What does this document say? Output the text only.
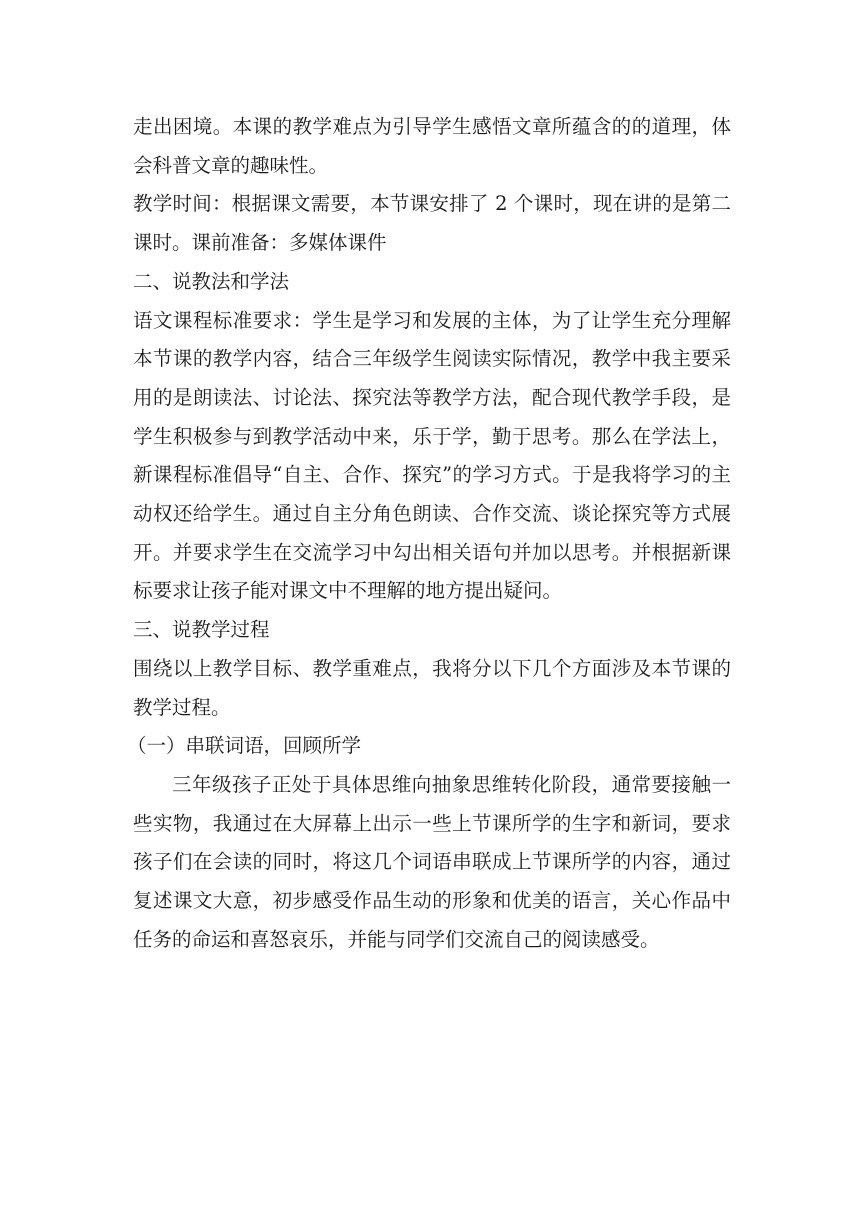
走出困境。本课的教学难点为引导学生感悟文章所蕴含的的道理，体会科普文章的趣味性。

教学时间：根据课文需要，本节课安排了 2 个课时，现在讲的是第二课时。课前准备：多媒体课件

二、说教法和学法

语文课程标准要求：学生是学习和发展的主体，为了让学生充分理解本节课的教学内容，结合三年级学生阅读实际情况，教学中我主要采用的是朗读法、讨论法、探究法等教学方法，配合现代教学手段，是学生积极参与到教学活动中来，乐于学，勤于思考。那么在学法上，新课程标准倡导“自主、合作、探究”的学习方式。于是我将学习的主动权还给学生。通过自主分角色朗读、合作交流、谈论探究等方式展开。并要求学生在交流学习中勾出相关语句并加以思考。并根据新课标要求让孩子能对课文中不理解的地方提出疑问。

三、说教学过程

围绕以上教学目标、教学重难点，我将分以下几个方面涉及本节课的教学过程。

（一）串联词语，回顾所学

三年级孩子正处于具体思维向抽象思维转化阶段，通常要接触一些实物，我通过在大屏幕上出示一些上节课所学的生字和新词，要求孩子们在会读的同时，将这几个词语串联成上节课所学的内容，通过复述课文大意，初步感受作品生动的形象和优美的语言，关心作品中任务的命运和喜怒哀乐，并能与同学们交流自己的阅读感受。
